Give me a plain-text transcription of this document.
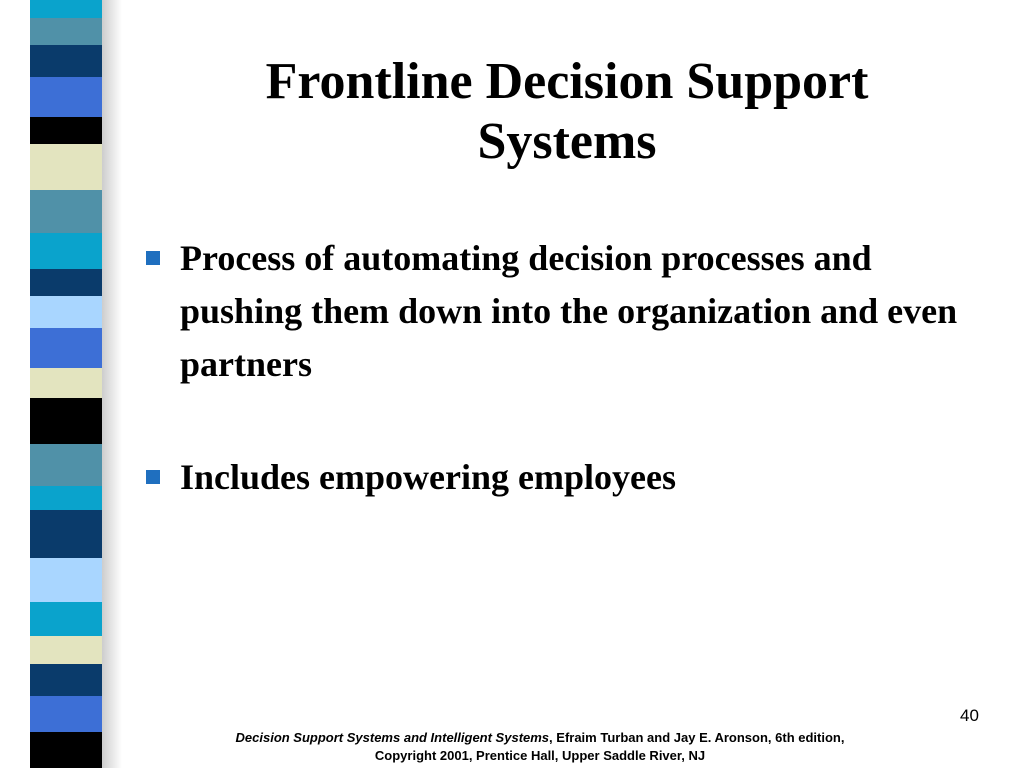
Frontline Decision Support
Systems
Process of automating decision processes and pushing them down into the organization and even partners
Includes empowering employees
40
Decision Support Systems and Intelligent Systems, Efraim Turban and Jay E. Aronson, 6th edition,
Copyright 2001, Prentice Hall, Upper Saddle River, NJ
